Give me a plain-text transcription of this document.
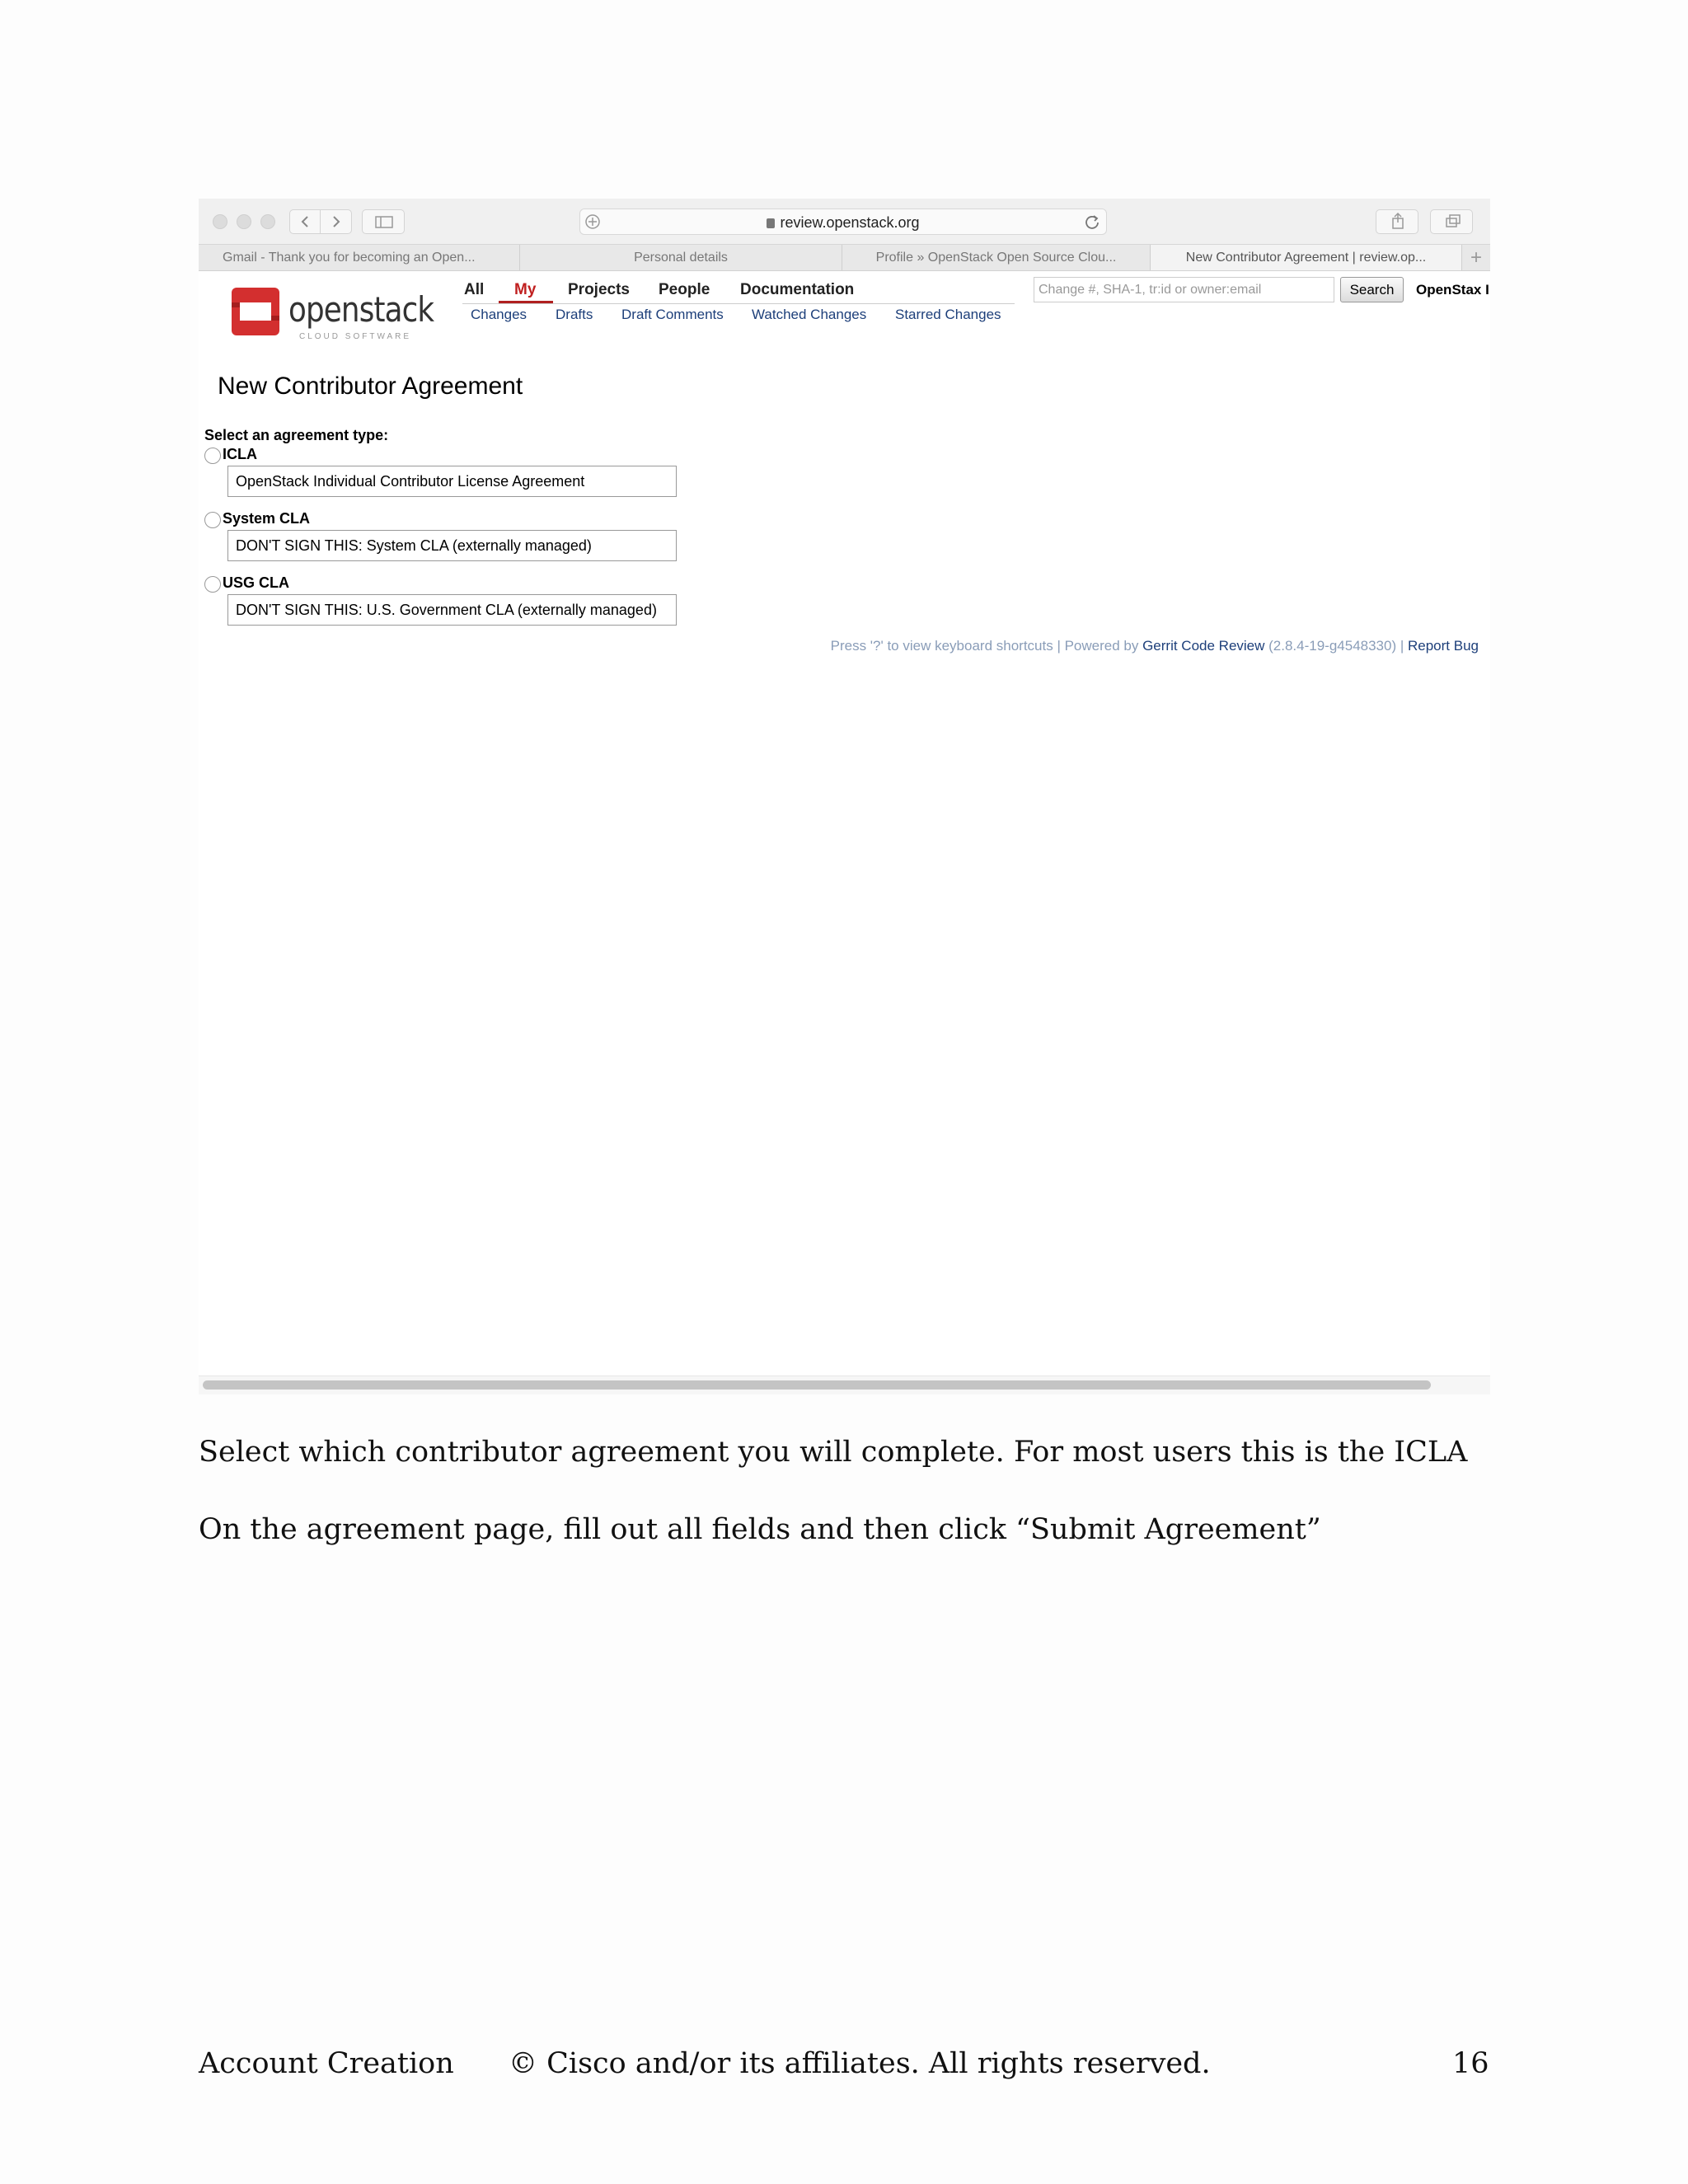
review.openstack.org
Gmail - Thank you for becoming an Open...	Personal details	Profile » OpenStack Open Source Clou...	New Contributor Agreement | review.op...	+
openstack
CLOUD SOFTWARE
All My Projects People Documentation
Changes Drafts Draft Comments Watched Changes Starred Changes
Change #, SHA-1, tr:id or owner:email	Search	OpenStax I
New Contributor Agreement
Select an agreement type:
ICLA
OpenStack Individual Contributor License Agreement
System CLA
DON'T SIGN THIS: System CLA (externally managed)
USG CLA
DON'T SIGN THIS: U.S. Government CLA (externally managed)
Press '?' to view keyboard shortcuts | Powered by Gerrit Code Review (2.8.4-19-g4548330) | Report Bug
Select which contributor agreement you will complete. For most users this is the ICLA
On the agreement page, fill out all fields and then click “Submit Agreement”
Account Creation © Cisco and/or its affiliates. All rights reserved.	16
